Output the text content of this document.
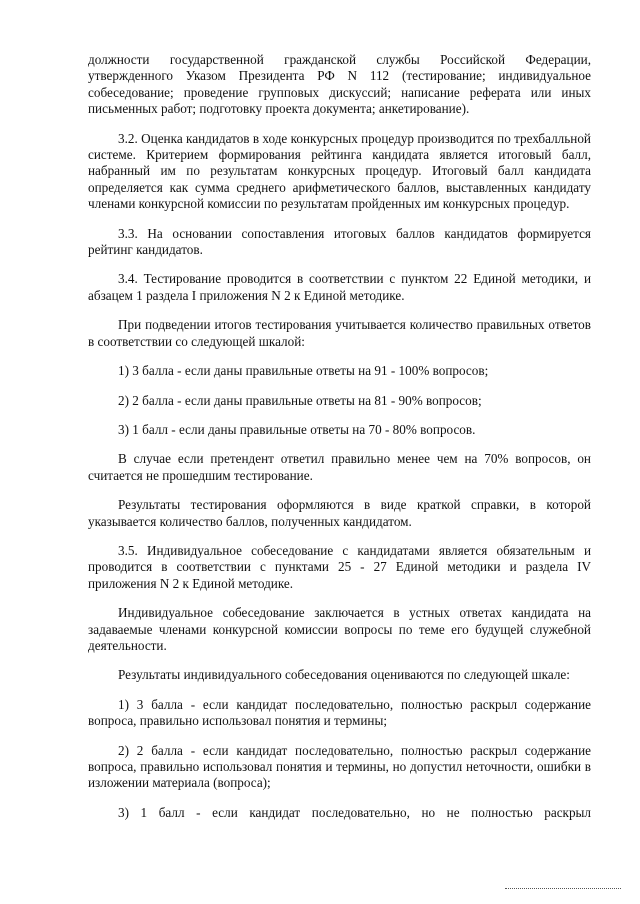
должности государственной гражданской службы Российской Федерации, утвержденного Указом Президента РФ N 112 (тестирование; индивидуальное собеседование; проведение групповых дискуссий; написание реферата или иных письменных работ; подготовку проекта документа; анкетирование).

3.2. Оценка кандидатов в ходе конкурсных процедур производится по трехбалльной системе. Критерием формирования рейтинга кандидата является итоговый балл, набранный им по результатам конкурсных процедур. Итоговый балл кандидата определяется как сумма среднего арифметического баллов, выставленных кандидату членами конкурсной комиссии по результатам пройденных им конкурсных процедур.

3.3. На основании сопоставления итоговых баллов кандидатов формируется рейтинг кандидатов.

3.4. Тестирование проводится в соответствии с пунктом 22 Единой методики, и абзацем 1 раздела I приложения N 2 к Единой методике.

При подведении итогов тестирования учитывается количество правильных ответов в соответствии со следующей шкалой:

1) 3 балла - если даны правильные ответы на 91 - 100% вопросов;

2) 2 балла - если даны правильные ответы на 81 - 90% вопросов;

3) 1 балл - если даны правильные ответы на 70 - 80% вопросов.

В случае если претендент ответил правильно менее чем на 70% вопросов, он считается не прошедшим тестирование.

Результаты тестирования оформляются в виде краткой справки, в которой указывается количество баллов, полученных кандидатом.

3.5. Индивидуальное собеседование с кандидатами является обязательным и проводится в соответствии с пунктами 25 - 27 Единой методики и раздела IV приложения N 2 к Единой методике.

Индивидуальное собеседование заключается в устных ответах кандидата на задаваемые членами конкурсной комиссии вопросы по теме его будущей служебной деятельности.

Результаты индивидуального собеседования оцениваются по следующей шкале:

1) 3 балла - если кандидат последовательно, полностью раскрыл содержание вопроса, правильно использовал понятия и термины;

2) 2 балла - если кандидат последовательно, полностью раскрыл содержание вопроса, правильно использовал понятия и термины, но допустил неточности, ошибки в изложении материала (вопроса);

3) 1 балл - если кандидат последовательно, но не полностью раскрыл
